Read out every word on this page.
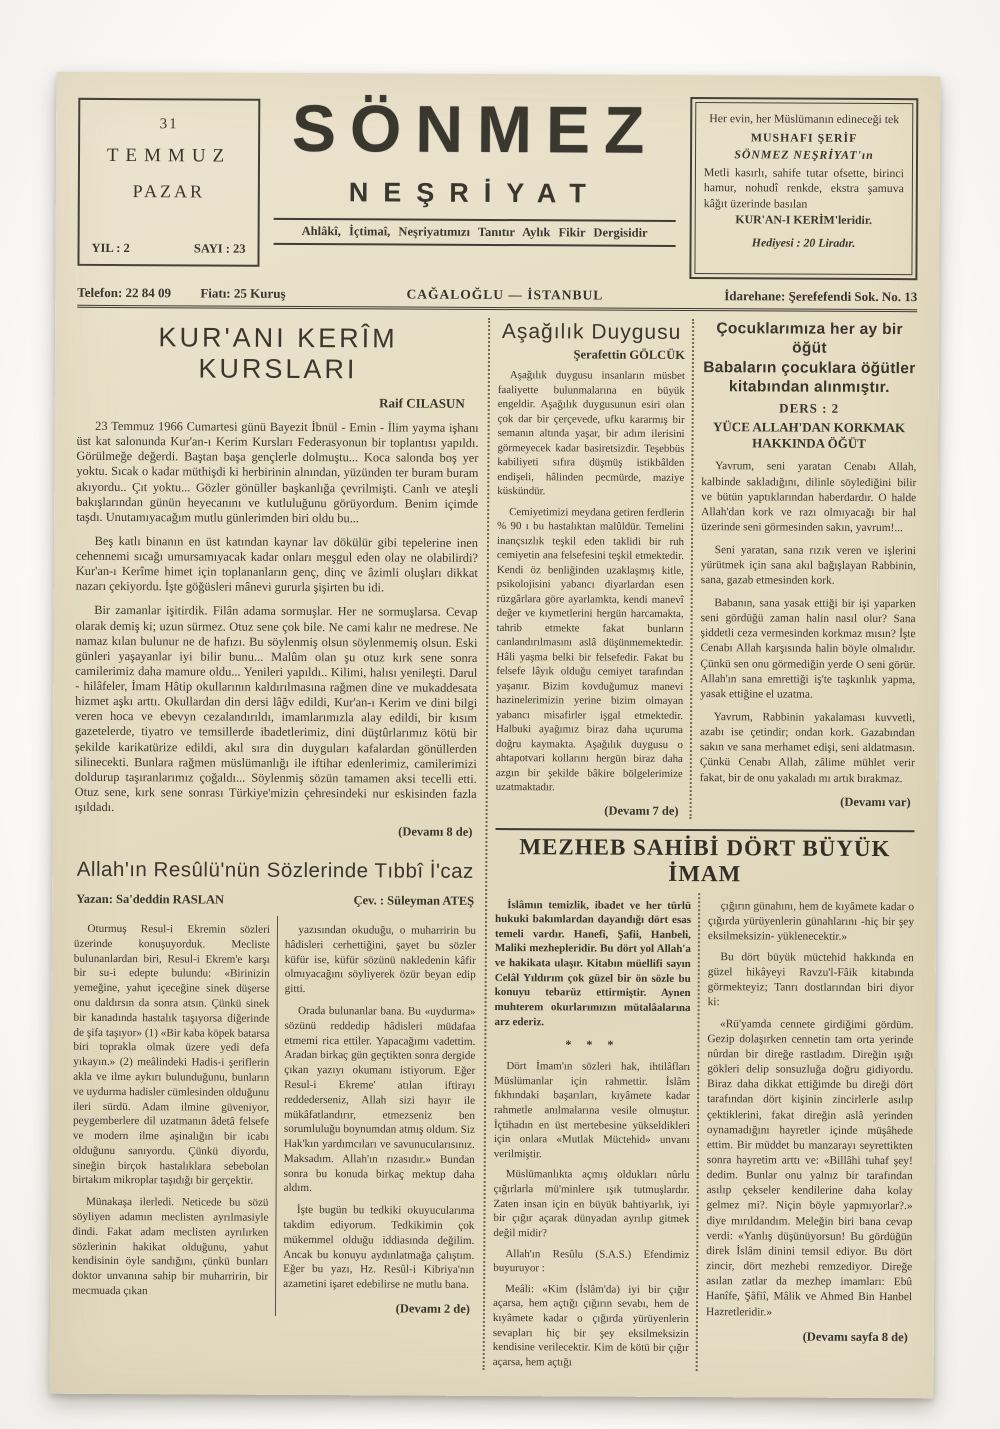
31
TEMMUZ
PAZAR
YIL : 2	SAYI : 23
SÖNMEZ
NEŞRİYAT
Ahlâkî, İçtimaî, Neşriyatımızı Tanıtır Aylık Fikir Dergisidir
Her evin, her Müslümanın edineceği tek
MUSHAFI ŞERİF
SÖNMEZ NEŞRİYAT'ın
Metli kasırlı, sahife tutar ofsette, birinci hamur, nohudî renkde, ekstra şamuva kâğıt üzerinde basılan
KUR'AN-I KERİM'leridir.
Hediyesi : 20 Liradır.
Telefon: 22 84 09 Fiatı: 25 Kuruş	CAĞALOĞLU — İSTANBUL	İdarehane: Şerefefendi Sok. No. 13
KUR'ANI KERÎM KURSLARI
Raif CILASUN

23 Temmuz 1966 Cumartesi günü Bayezit İbnül - Emin - İlim yayma işhanı üst kat salonunda Kur'an-ı Kerim Kursları Federasyonun bir toplantısı yapıldı. Görülmeğe değerdi. Baştan başa gençlerle dolmuştu... Koca salonda boş yer yoktu. Sıcak o kadar müthişdi ki herbirinin alnından, yüzünden ter buram buram akıyordu.. Çıt yoktu... Gözler gönüller başkanlığa çevrilmişti. Canlı ve ateşli bakışlarından günün heyecanını ve kutluluğunu görüyordum. Benim içimde taşdı. Unutamıyacağım mutlu günlerimden biri oldu bu...

Beş katlı binanın en üst katından kaynar lav dökülür gibi tepelerine inen cehennemi sıcağı umursamıyacak kadar onları meşgul eden olay ne olabilirdi? Kur'an-ı Kerîme himet için toplananların genç, dinç ve âzimli oluşları dikkat nazarı çekiyordu. İşte göğüsleri mânevi gururla şişirten bu idi.

Bir zamanlar işitirdik. Filân adama sormuşlar. Her ne sormuşlarsa. Cevap olarak demiş ki; uzun sürmez. Otuz sene çok bile. Ne cami kalır ne medrese. Ne namaz kılan bulunur ne de hafızı. Bu söylenmiş olsun söylenmemiş olsun. Eski günleri yaşayanlar iyi bilir bunu... Malûm olan şu otuz kırk sene sonra camilerimiz daha mamure oldu... Yenileri yapıldı.. Kilimi, halısı yenileşti. Darul - hilâfeler, İmam Hâtip okullarının kaldırılmasına rağmen dine ve mukaddesata hizmet aşkı arttı. Okullardan din dersi lâğv edildi, Kur'an-ı Kerim ve dini bilgi veren hoca ve ebevyn cezalandırıldı, imamlarımızla alay edildi, bir kısım gazetelerde, tiyatro ve temsillerde ibadetlerimiz, dini düştûrlarımız kötü bir şekilde karikatürize edildi, akıl sıra din duyguları kafalardan gönüllerden silinecekti. Bunlara rağmen müslümanlığı ile iftihar edenlerimiz, camilerimizi doldurup taşıranlarımız çoğaldı... Söylenmiş sözün tamamen aksi tecelli etti. Otuz sene, kırk sene sonrası Türkiye'mizin çehresindeki nur eskisinden fazla ışıldadı.

(Devamı 8 de)
Allah'ın Resûlü'nün Sözlerinde Tıbbî İ'caz
Yazan: Sa'deddin RASLAN	Çev. : Süleyman ATEŞ

Oturmuş Resul-i Ekremin sözleri üzerinde konuşuyorduk. Mecliste bulunanlardan biri, Resul-i Ekrem'e karşı bir su-i edepte bulundu: «Birinizin yemeğine, yahut içeceğine sinek düşerse onu daldırsın da sonra atsın. Çünkü sinek bir kanadında hastalık taşıyorsa diğerinde de şifa taşıyor» (1) «Bir kaba köpek batarsa biri toprakla olmak üzere yedi defa yıkayın.» (2) meâlindeki Hadis-i şeriflerin akla ve ilme aykırı bulunduğunu, bunların ve uydurma hadisler cümlesinden olduğunu ileri sürdü. Adam ilmine güveniyor, peygemberlere dil uzatmanın âdetâ felsefe ve modern ilme aşinalığın bir icabı olduğunu sanıyordu. Çünkü diyordu, sineğin birçok hastalıklara sebebolan birtakım mikroplar taşıdığı bir gerçektir.

Münakaşa ilerledi. Neticede bu sözü söyliyen adamın meclisten ayrılmasiyle dindi. Fakat adam meclisten ayrılırken sözlerinin hakikat olduğunu, yahut kendisinin öyle sandığını, çünkü bunları doktor unvanına sahip bir muharririn, bir mecmuada çıkan

yazısından okuduğu, o muharririn bu hâdisleri cerhettiğini, şayet bu sözler küfür ise, küfür sözünü nakledenin kâfir olmıyacağını söyliyerek özür beyan edip gitti.

Orada bulunanlar bana. Bu «uydurma» sözünü reddedip hâdisleri müdafaa etmemi rica ettiler. Yapacağımı vadettim. Aradan birkaç gün geçtikten sonra dergide çıkan yazıyı okumanı istiyorum. Eğer Resul-i Ekreme' atılan iftirayı reddederseniz, Allah sizi hayır ile mükâfatlandırır, etmezseniz ben sorumluluğu boynumdan atmış oldum. Siz Hak'kın yardımcıları ve savunucularısınız. Maksadım. Allah'ın rızasıdır.» Bundan sonra bu konuda birkaç mektup daha aldım.

İşte bugün bu tedkiki okuyucularıma takdim ediyorum. Tedkikimin çok mükemmel olduğu iddiasında değilim. Ancak bu konuyu aydınlatmağa çalıştım. Eğer bu yazı, Hz. Resûl-i Kibriya'nın azametini işaret edebilirse ne mutlu bana.

(Devamı 2 de)
Aşağılık Duygusu
Şerafettin GÖLCÜK

Aşağılık duygusu insanların müsbet faaliyette bulunmalarına en büyük engeldir. Aşağılık duygusunun esiri olan çok dar bir çerçevede, ufku kararmış bir semanın altında yaşar, bir adım ilerisini görmeyecek kadar basiretsizdir. Teşebbüs kabiliyeti sıfıra düşmüş istikbâlden endişeli, hâlinden pecmürde, maziye küskündür.

Cemiyetimizi meydana getiren ferdlerin % 90 ı bu hastalıktan malûldür. Temelini inançsızlık teşkil eden taklidi bir ruh cemiyetin ana felsefesini teşkil etmektedir. Kendi öz benliğinden uzaklaşmış kitle, psikolojisini yabancı diyarlardan esen rüzgârlara göre ayarlamkta, kendi manevî değer ve kıymetlerini hergün harcamakta, tahrib etmekte fakat bunların canlandırılmasını aslâ düşünmemektedir. Hâli yaşma belki bir felsefedir. Fakat bu felsefe lâyık olduğu cemiyet tarafından yaşanır. Bizim kovduğumuz manevi hazinelerimizin yerine bizim olmayan yabancı misafirler işgal etmektedir. Halbuki ayağımız biraz daha uçuruma doğru kaymakta. Aşağılık duygusu o ahtapotvari kollarını hergün biraz daha azgın bir şekilde bâkire bölgelerimize uzatmaktadır.

(Devamı 7 de)
Çocuklarımıza her ay bir öğüt
Babaların çocuklara öğütler
kitabından alınmıştır.
DERS : 2
YÜCE ALLAH'DAN KORKMAK HAKKINDA ÖĞÜT

Yavrum, seni yaratan Cenabı Allah, kalbinde sakladığını, dilinle söylediğini bilir ve bütün yaptıklarından haberdardır. O halde Allah'dan kork ve razı olmıyacağı bir hal üzerinde seni görmesinden sakın, yavrum!...

Seni yaratan, sana rızık veren ve işlerini yürütmek için sana akıl bağışlayan Rabbinin, sana, gazab etmesinden kork.

Babanın, sana yasak ettiği bir işi yaparken seni gördüğü zaman halin nasıl olur? Sana şiddetli ceza vermesinden korkmaz mısın? İşte Cenabı Allah karşısında halin böyle olmalıdır. Çünkü sen onu görmediğin yerde O seni görür. Allah'ın sana emrettiği iş'te taşkınlık yapma, yasak ettiğine el uzatma.

Yavrum, Rabbinin yakalaması kuvvetli, azabı ise çetindir; ondan kork. Gazabından sakın ve sana merhamet edişi, seni aldatmasın. Çünkü Cenabı Allah, zâlime mühlet verir fakat, bir de onu yakaladı mı artık bırakmaz.

(Devamı var)
MEZHEB SAHİBİ DÖRT BÜYÜK İMAM

İslâmın temizlik, ibadet ve her türlü hukuki bakımlardan dayandığı dört esas temeli vardır. Hanefi, Şafii, Hanbeli, Maliki mezhepleridir. Bu dört yol Allah'a ve hakikata ulaşır. Kitabın müellifi sayın Celâl Yıldırım çok güzel bir ön sözle bu konuyu tebarüz ettirmiştir. Aynen muhterem okurlarımızın mütalâalarına arz ederiz.

* * *

Dört İmam'ın sözleri hak, ihtilâfları Müslümanlar için rahmettir. İslâm fıkhındaki başarıları, kıyâmete kadar rahmetle anılmalarına vesile olmuştur. İçtihadın en üst mertebesine yükseldikleri için onlara «Mutlak Müctehid» unvanı verilmiştir.

Müslümanlıkta açmış oldukları nûrlu çığırlarla mü'minlere ışık tutmuşlardır. Zaten insan için en büyük bahtiyarlık, iyi bir çığır açarak dünyadan ayrılıp gitmek değil midir?

Allah'ın Resûlu (S.A.S.) Efendimiz buyuruyor :

Meâli: «Kim (İslâm'da) iyi bir çığır açarsa, hem açtığı çığırın sevabı, hem de kıyâmete kadar o çığırda yürüyenlerin sevapları hiç bir şey eksilmeksizin kendisine verilecektir. Kim de kötü bir çığır açarsa, hem açtığı

çığırın günahını, hem de kıyâmete kadar o çığırda yürüyenlerin günahlarını -hiç bir şey eksilmeksizin- yüklenecektir.»

Bu dört büyük müctehid hakkında en güzel hikâyeyi Ravzu'l-Fâik kitabında görmekteyiz; Tanrı dostlarından biri diyor ki:

«Rü'yamda cennete girdiğimi gördüm. Gezip dolaşırken cennetin tam orta yerinde nûrdan bir direğe rastladım. Direğin ışığı gökleri delip sonsuzluğa doğru gidiyordu. Biraz daha dikkat ettiğimde bu direği dört tarafından dört kişinin zincirlerle asılıp çektiklerini, fakat direğin aslâ yerinden oynamadığını hayretler içinde müşâhede ettim. Bir müddet bu manzarayı seyrettikten sonra hayretim arttı ve: «Billâhi tuhaf şey! dedim. Bunlar onu yalnız bir tarafından asılıp çekseler kendilerine daha kolay gelmez mi?. Niçin böyle yapmıyorlar?.» diye mırıldandım. Meleğin biri bana cevap verdi: «Yanlış düşünüyorsun! Bu gördüğün direk İslâm dinini temsil ediyor. Bu dört zincir, dört mezhebi remzediyor. Direğe asılan zatlar da mezhep imamları: Ebû Hanîfe, Şâfiî, Mâlik ve Ahmed Bin Hanbel Hazretleridir.»

(Devamı sayfa 8 de)
